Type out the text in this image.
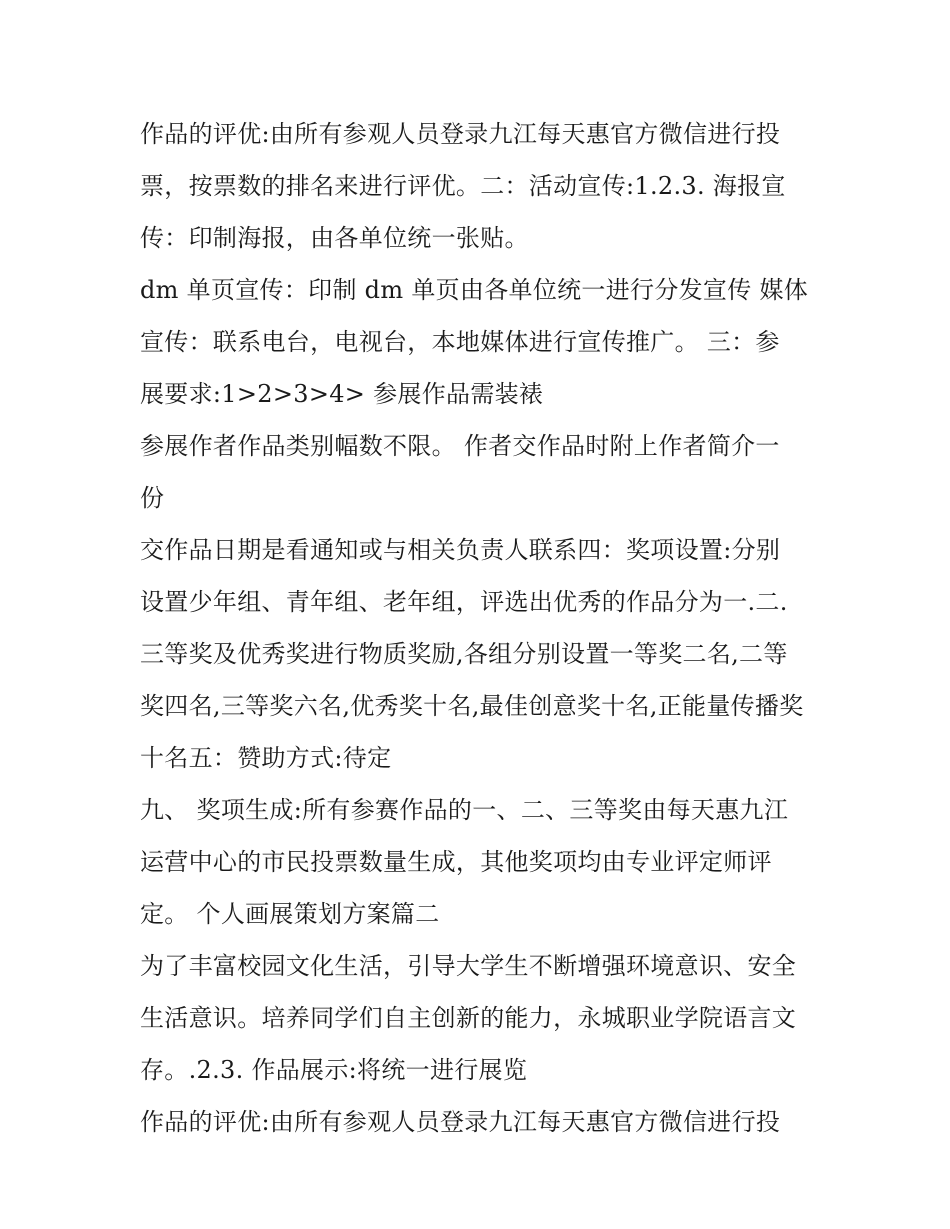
作品的评优:由所有参观人员登录九江每天惠官方微信进行投
票，按票数的排名来进行评优。二：活动宣传:1.2.3. 海报宣
传：印制海报，由各单位统一张贴。
dm 单页宣传：印制 dm 单页由各单位统一进行分发宣传 媒体
宣传：联系电台，电视台，本地媒体进行宣传推广。 三：参
展要求:1>2>3>4> 参展作品需装裱
参展作者作品类别幅数不限。 作者交作品时附上作者简介一
份
交作品日期是看通知或与相关负责人联系四：奖项设置:分别
设置少年组、青年组、老年组，评选出优秀的作品分为一.二.
三等奖及优秀奖进行物质奖励,各组分别设置一等奖二名,二等
奖四名,三等奖六名,优秀奖十名,最佳创意奖十名,正能量传播奖
十名五：赞助方式:待定
九、 奖项生成:所有参赛作品的一、二、三等奖由每天惠九江
运营中心的市民投票数量生成，其他奖项均由专业评定师评
定。 个人画展策划方案篇二
为了丰富校园文化生活，引导大学生不断增强环境意识、安全
生活意识。培养同学们自主创新的能力，永城职业学院语言文
存。.2.3. 作品展示:将统一进行展览
作品的评优:由所有参观人员登录九江每天惠官方微信进行投
